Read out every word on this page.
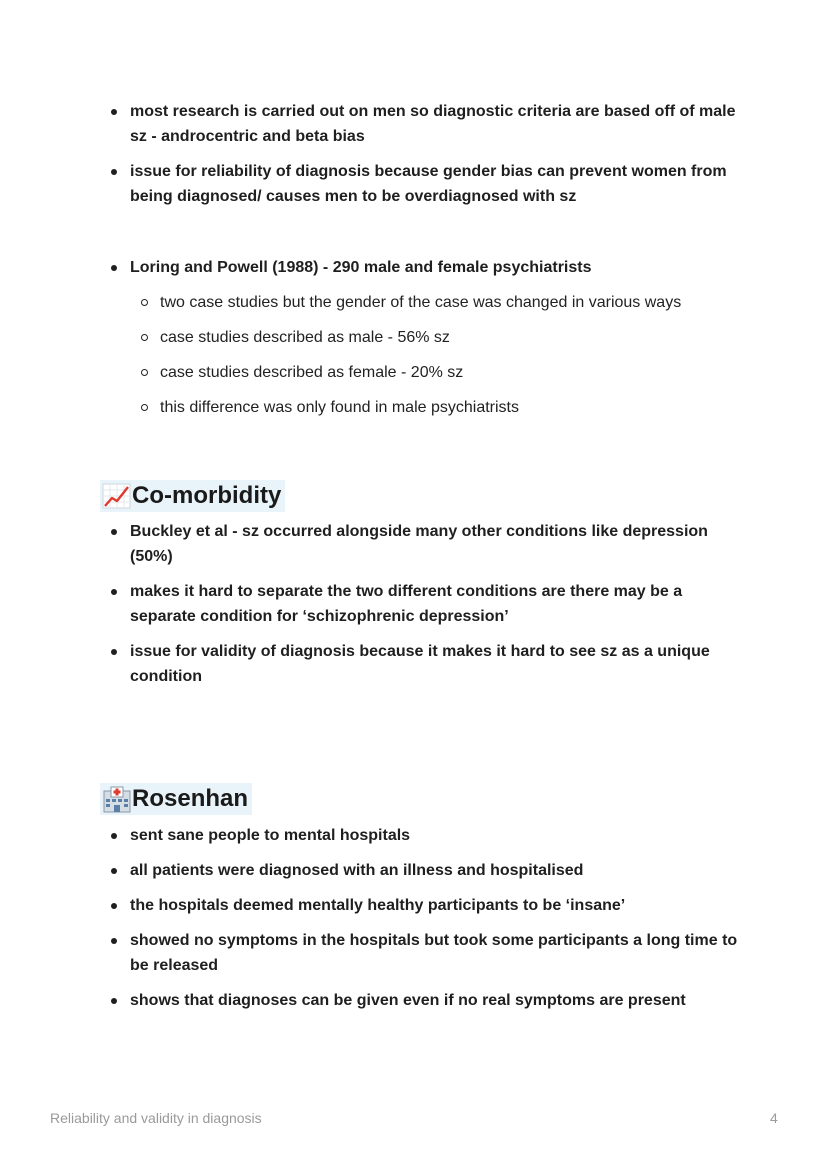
most research is carried out on men so diagnostic criteria are based off of male sz - androcentric and beta bias
issue for reliability of diagnosis because gender bias can prevent women from being diagnosed/ causes men to be overdiagnosed with sz
Loring and Powell (1988) - 290 male and female psychiatrists
two case studies but the gender of the case was changed in various ways
case studies described as male - 56% sz
case studies described as female - 20% sz
this difference was only found in male psychiatrists
Co-morbidity
Buckley et al - sz occurred alongside many other conditions like depression (50%)
makes it hard to separate the two different conditions are there may be a separate condition for ‘schizophrenic depression’
issue for validity of diagnosis because it makes it hard to see sz as a unique condition
Rosenhan
sent sane people to mental hospitals
all patients were diagnosed with an illness and hospitalised
the hospitals deemed mentally healthy participants to be ‘insane’
showed no symptoms in the hospitals but took some participants a long time to be released
shows that diagnoses can be given even if no real symptoms are present
Reliability and validity in diagnosis	4
